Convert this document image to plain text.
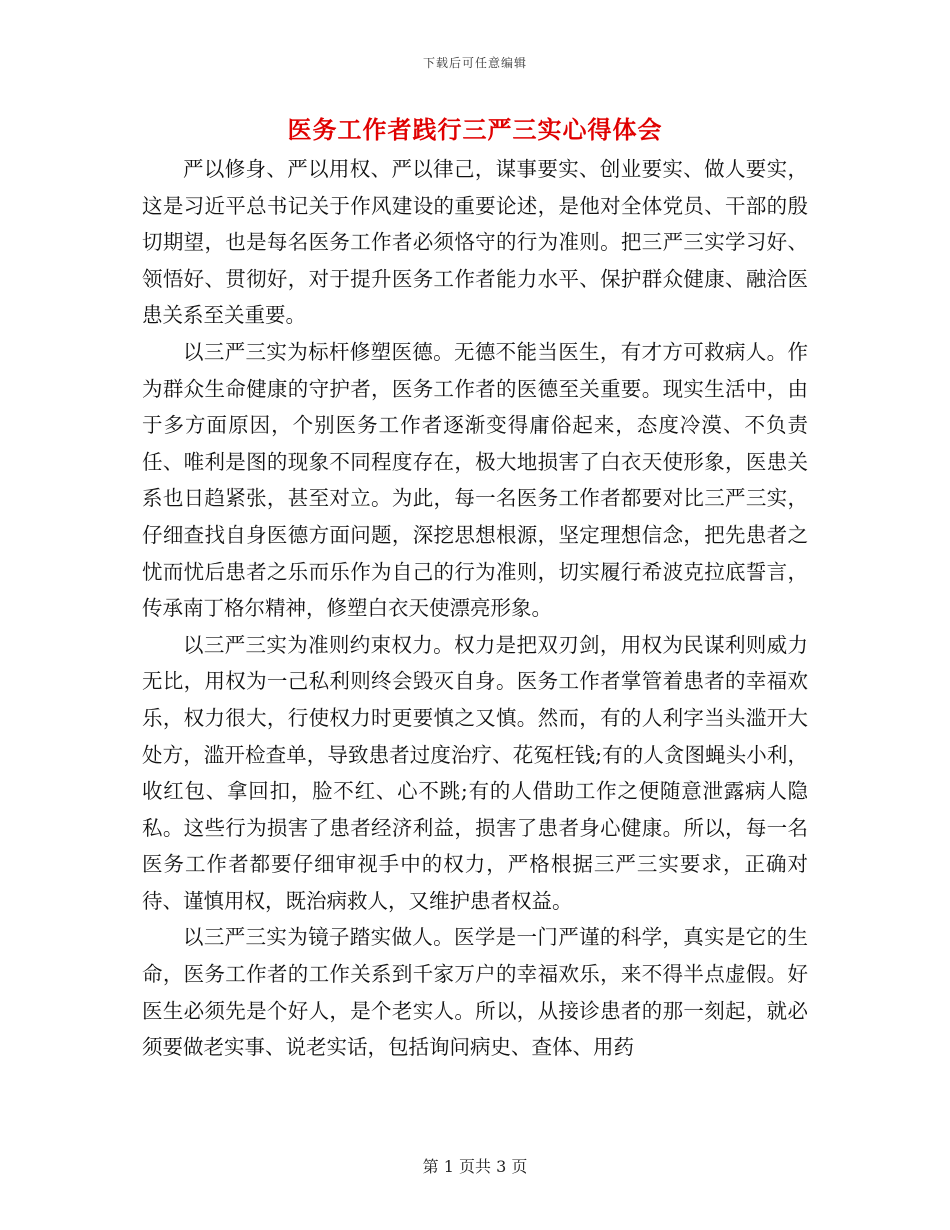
下载后可任意编辑
医务工作者践行三严三实心得体会

严以修身、严以用权、严以律己，谋事要实、创业要实、做人要实，这是习近平总书记关于作风建设的重要论述，是他对全体党员、干部的殷切期望，也是每名医务工作者必须恪守的行为准则。把三严三实学习好、领悟好、贯彻好，对于提升医务工作者能力水平、保护群众健康、融洽医患关系至关重要。

以三严三实为标杆修塑医德。无德不能当医生，有才方可救病人。作为群众生命健康的守护者，医务工作者的医德至关重要。现实生活中，由于多方面原因，个别医务工作者逐渐变得庸俗起来，态度冷漠、不负责任、唯利是图的现象不同程度存在，极大地损害了白衣天使形象，医患关系也日趋紧张，甚至对立。为此，每一名医务工作者都要对比三严三实，仔细查找自身医德方面问题，深挖思想根源，坚定理想信念，把先患者之忧而忧后患者之乐而乐作为自己的行为准则，切实履行希波克拉底誓言，传承南丁格尔精神，修塑白衣天使漂亮形象。

以三严三实为准则约束权力。权力是把双刃剑，用权为民谋利则威力无比，用权为一己私利则终会毁灭自身。医务工作者掌管着患者的幸福欢乐，权力很大，行使权力时更要慎之又慎。然而，有的人利字当头滥开大处方，滥开检查单，导致患者过度治疗、花冤枉钱;有的人贪图蝇头小利，收红包、拿回扣，脸不红、心不跳;有的人借助工作之便随意泄露病人隐私。这些行为损害了患者经济利益，损害了患者身心健康。所以，每一名医务工作者都要仔细审视手中的权力，严格根据三严三实要求，正确对待、谨慎用权，既治病救人，又维护患者权益。

以三严三实为镜子踏实做人。医学是一门严谨的科学，真实是它的生命，医务工作者的工作关系到千家万户的幸福欢乐，来不得半点虚假。好医生必须先是个好人，是个老实人。所以，从接诊患者的那一刻起，就必须要做老实事、说老实话，包括询问病史、查体、用药

第 1 页共 3 页
